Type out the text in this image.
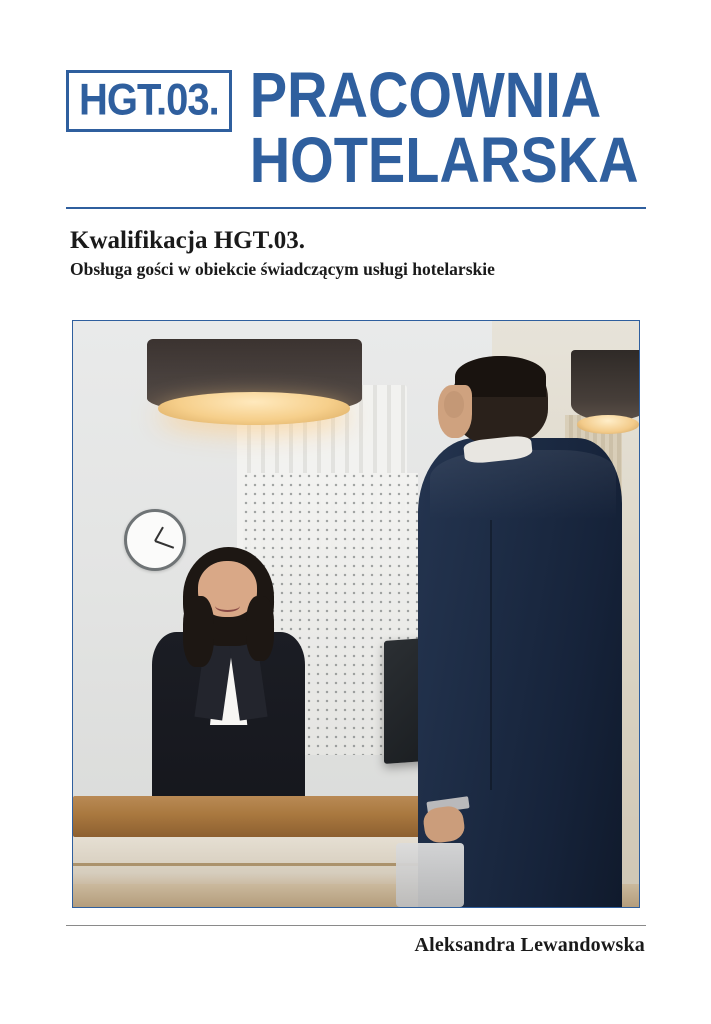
HGT.03. PRACOWNIA
HOTELARSKA
Kwalifikacja HGT.03.
Obsługa gości w obiekcie świadczącym usługi hotelarskie
Aleksandra Lewandowska
